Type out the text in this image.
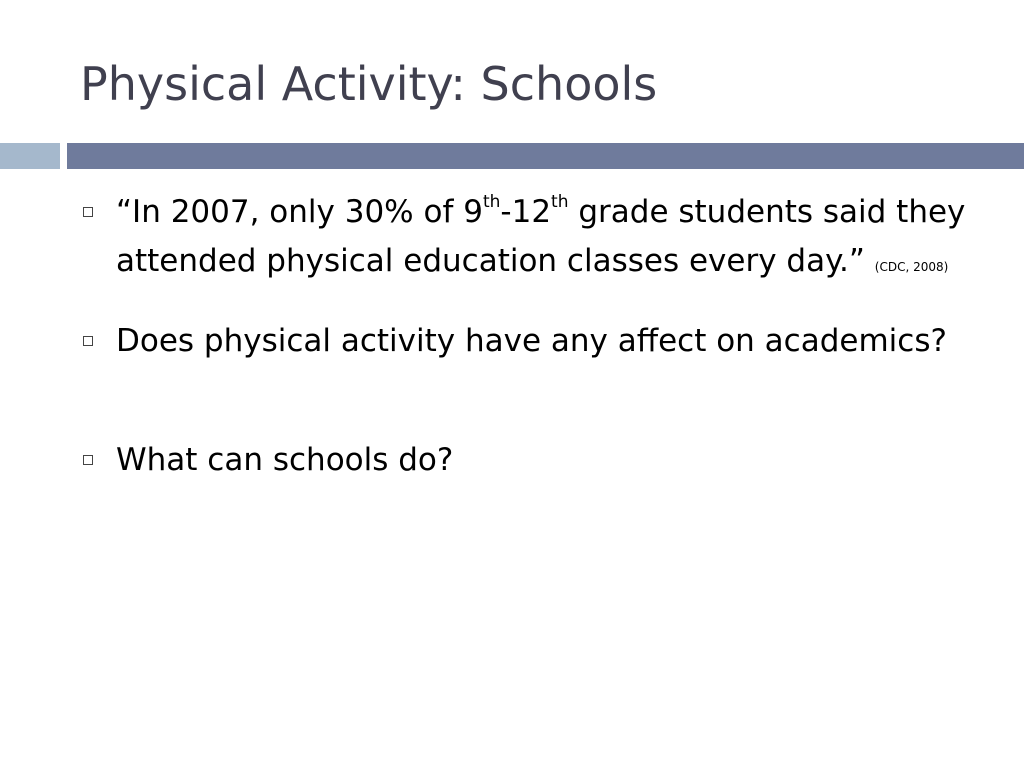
Physical Activity: Schools
“In 2007, only 30% of 9th-12th grade students said they attended physical education classes every day.” (CDC, 2008)
Does physical activity have any affect on academics?
What can schools do?
